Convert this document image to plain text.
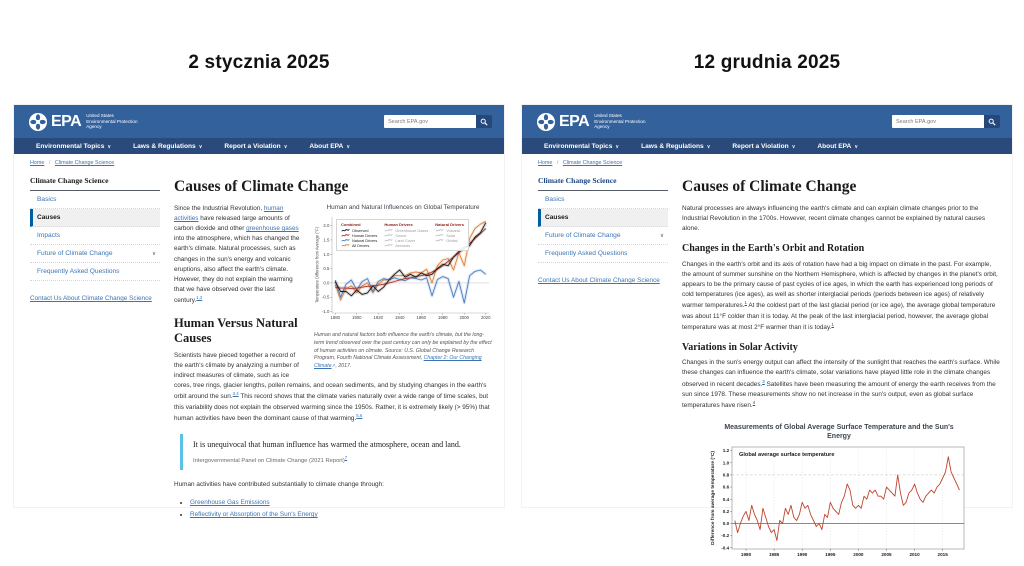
2 stycznia 2025	12 grudnia 2025
EPA United States
Environmental Protection
Agency
Search EPA.gov
Environmental Topics ∨	Laws & Regulations ∨	Report a Violation ∨	About EPA ∨
Home / Climate Change Science
Climate Change Science
Basics
Causes
Impacts
Future of Climate Change	∨
Frequently Asked Questions
Contact Us About Climate Change Science
Causes of Climate Change
Human and Natural Influences on Global Temperature
-1.0
-0.5
0.0
0.5
1.0
1.5
2.0
1880	1900	1920	1940	1960	1980	2000	2020
Temperature Difference from Average (°F)
Combined
Observed
Human Drivers
Natural Drivers
All Drivers
Human Drivers
Greenhouse Gases
Ozone
Land Cover
Aerosols
Natural Drivers
Volcanic
Solar
Orbital
Human and natural factors both influence the earth's climate, but the long-term trend observed over the past century can only be explained by the effect of human activities on climate. Source: U.S. Global Change Research Program, Fourth National Climate Assessment, Chapter 2: Our Changing Climate↗, 2017.

Since the Industrial Revolution, human activities have released large amounts of carbon dioxide and other greenhouse gases into the atmosphere, which has changed the earth's climate. Natural processes, such as changes in the sun's energy and volcanic eruptions, also affect the earth's climate. However, they do not explain the warming that we have observed over the last century.$^{1,2}$

Human Versus Natural Causes

Scientists have pieced together a record of the earth's climate by analyzing a number of indirect measures of climate, such as ice cores, tree rings, glacier lengths, pollen remains, and ocean sediments, and by studying changes in the earth's orbit around the sun.$^{3,4}$ This record shows that the climate varies naturally over a wide range of time scales, but this variability does not explain the observed warming since the 1950s. Rather, it is extremely likely (> 95%) that human activities have been the dominant cause of that warming.$^{5,6}$

It is unequivocal that human influence has warmed the atmosphere, ocean and land.
Intergovernmental Panel on Climate Change (2021 Report)$^7$

Human activities have contributed substantially to climate change through:

• Greenhouse Gas Emissions
• Reflectivity or Absorption of the Sun's Energy
EPA United States
Environmental Protection
Agency
Search EPA.gov
Environmental Topics ∨	Laws & Regulations ∨	Report a Violation ∨	About EPA ∨
Home / Climate Change Science
Climate Change Science
Basics
Causes
Future of Climate Change	∨
Frequently Asked Questions
Contact Us About Climate Change Science
Causes of Climate Change

Natural processes are always influencing the earth's climate and can explain climate changes prior to the Industrial Revolution in the 1700s. However, recent climate changes cannot be explained by natural causes alone.

Changes in the Earth's Orbit and Rotation

Changes in the earth's orbit and its axis of rotation have had a big impact on climate in the past. For example, the amount of summer sunshine on the Northern Hemisphere, which is affected by changes in the planet's orbit, appears to be the primary cause of past cycles of ice ages, in which the earth has experienced long periods of cold temperatures (ice ages), as well as shorter interglacial periods (periods between ice ages) of relatively warmer temperatures.$^1$ At the coldest part of the last glacial period (or ice age), the average global temperature was about 11°F colder than it is today. At the peak of the last interglacial period, however, the average global temperature was at most 2°F warmer than it is today.$^1$

Variations in Solar Activity

Changes in the sun's energy output can affect the intensity of the sunlight that reaches the earth's surface. While these changes can influence the earth's climate, solar variations have played little role in the climate changes observed in recent decades.$^3$ Satellites have been measuring the amount of energy the earth receives from the sun since 1978. These measurements show no net increase in the sun's output, even as global surface temperatures have risen.$^4$

Measurements of Global Average Surface Temperature and the Sun's Energy
-0.4
-0.2
0.0
0.2
0.4
0.6
0.8
1.0
1.2
1980	1985	1990	1995	2000	2005	2010	2015
Difference from average temperature (°C)	Global average surface temperature
